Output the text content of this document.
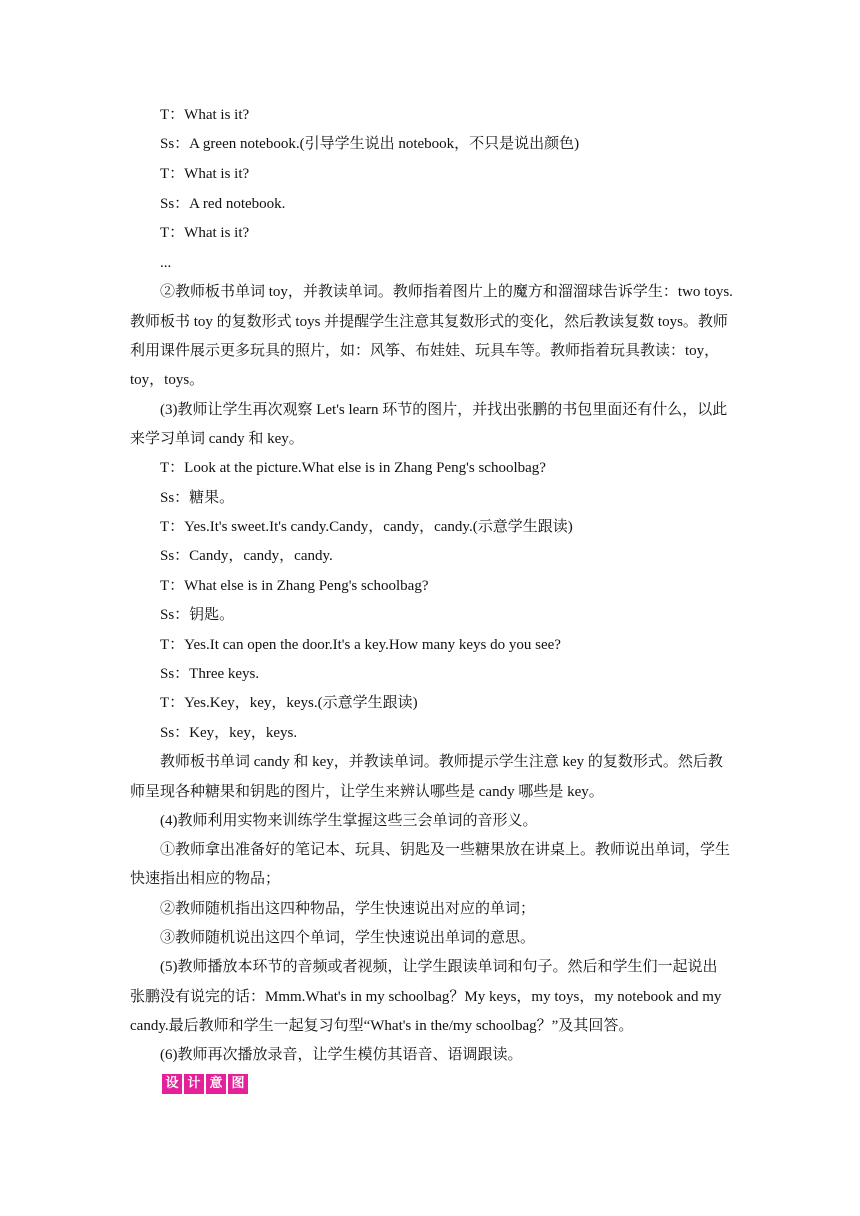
T：What is it?
Ss：A green notebook.(引导学生说出 notebook，不只是说出颜色)
T：What is it?
Ss：A red notebook.
T：What is it?
...
②教师板书单词 toy，并教读单词。教师指着图片上的魔方和溜溜球告诉学生：two toys.
教师板书 toy 的复数形式 toys 并提醒学生注意其复数形式的变化，然后教读复数 toys。教师
利用课件展示更多玩具的照片，如：风筝、布娃娃、玩具车等。教师指着玩具教读：toy，
toy，toys。
(3)教师让学生再次观察 Let's learn 环节的图片，并找出张鹏的书包里面还有什么，以此
来学习单词 candy 和 key。
T：Look at the picture.What else is in Zhang Peng's schoolbag?
Ss：糖果。
T：Yes.It's sweet.It's candy.Candy，candy，candy.(示意学生跟读)
Ss：Candy，candy，candy.
T：What else is in Zhang Peng's schoolbag?
Ss：钥匙。
T：Yes.It can open the door.It's a key.How many keys do you see?
Ss：Three keys.
T：Yes.Key，key，keys.(示意学生跟读)
Ss：Key，key，keys.
教师板书单词 candy 和 key，并教读单词。教师提示学生注意 key 的复数形式。然后教
师呈现各种糖果和钥匙的图片，让学生来辨认哪些是 candy 哪些是 key。
(4)教师利用实物来训练学生掌握这些三会单词的音形义。
①教师拿出准备好的笔记本、玩具、钥匙及一些糖果放在讲桌上。教师说出单词，学生
快速指出相应的物品；
②教师随机指出这四种物品，学生快速说出对应的单词；
③教师随机说出这四个单词，学生快速说出单词的意思。
(5)教师播放本环节的音频或者视频，让学生跟读单词和句子。然后和学生们一起说出
张鹏没有说完的话：Mmm.What's in my schoolbag？My keys，my toys，my notebook and my
candy.最后教师和学生一起复习句型“What's in the/my schoolbag？”及其回答。
(6)教师再次播放录音，让学生模仿其语音、语调跟读。
设 计 意 图
